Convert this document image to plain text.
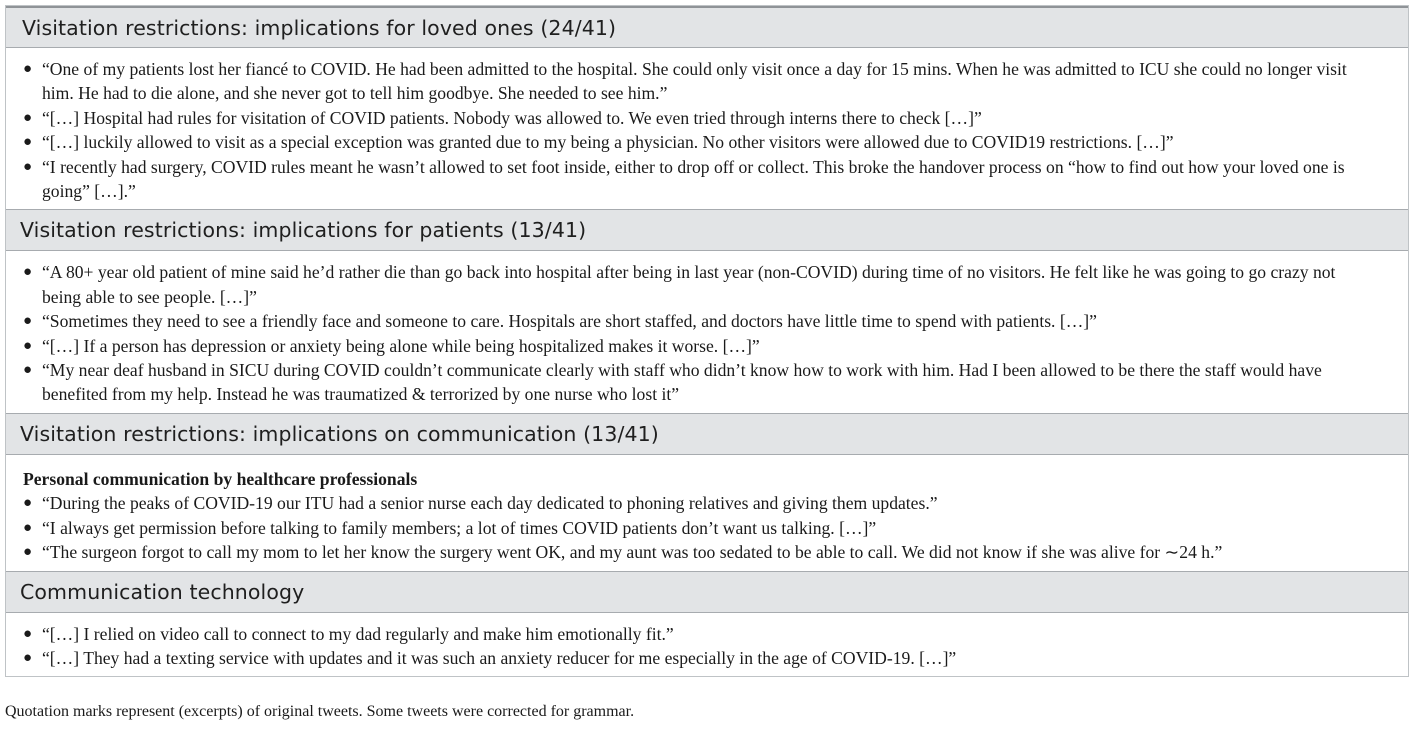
Visitation restrictions: implications for loved ones (24/41)
● “One of my patients lost her fiancé to COVID. He had been admitted to the hospital. She could only visit once a day for 15 mins. When he was admitted to ICU she could no longer visit him. He had to die alone, and she never got to tell him goodbye. She needed to see him.”
● “[…] Hospital had rules for visitation of COVID patients. Nobody was allowed to. We even tried through interns there to check […]”
● “[…] luckily allowed to visit as a special exception was granted due to my being a physician. No other visitors were allowed due to COVID19 restrictions. […]”
● “I recently had surgery, COVID rules meant he wasn’t allowed to set foot inside, either to drop off or collect. This broke the handover process on “how to find out how your loved one is going” […].”
Visitation restrictions: implications for patients (13/41)
● “A 80+ year old patient of mine said he’d rather die than go back into hospital after being in last year (non-COVID) during time of no visitors. He felt like he was going to go crazy not being able to see people. […]”
● “Sometimes they need to see a friendly face and someone to care. Hospitals are short staffed, and doctors have little time to spend with patients. […]”
● “[…] If a person has depression or anxiety being alone while being hospitalized makes it worse. […]”
● “My near deaf husband in SICU during COVID couldn’t communicate clearly with staff who didn’t know how to work with him. Had I been allowed to be there the staff would have benefited from my help. Instead he was traumatized & terrorized by one nurse who lost it”
Visitation restrictions: implications on communication (13/41)
Personal communication by healthcare professionals
● “During the peaks of COVID-19 our ITU had a senior nurse each day dedicated to phoning relatives and giving them updates.”
● “I always get permission before talking to family members; a lot of times COVID patients don’t want us talking. […]”
● “The surgeon forgot to call my mom to let her know the surgery went OK, and my aunt was too sedated to be able to call. We did not know if she was alive for ∼24 h.”
Communication technology
● “[…] I relied on video call to connect to my dad regularly and make him emotionally fit.”
● “[…] They had a texting service with updates and it was such an anxiety reducer for me especially in the age of COVID-19. […]”
Quotation marks represent (excerpts) of original tweets. Some tweets were corrected for grammar.
